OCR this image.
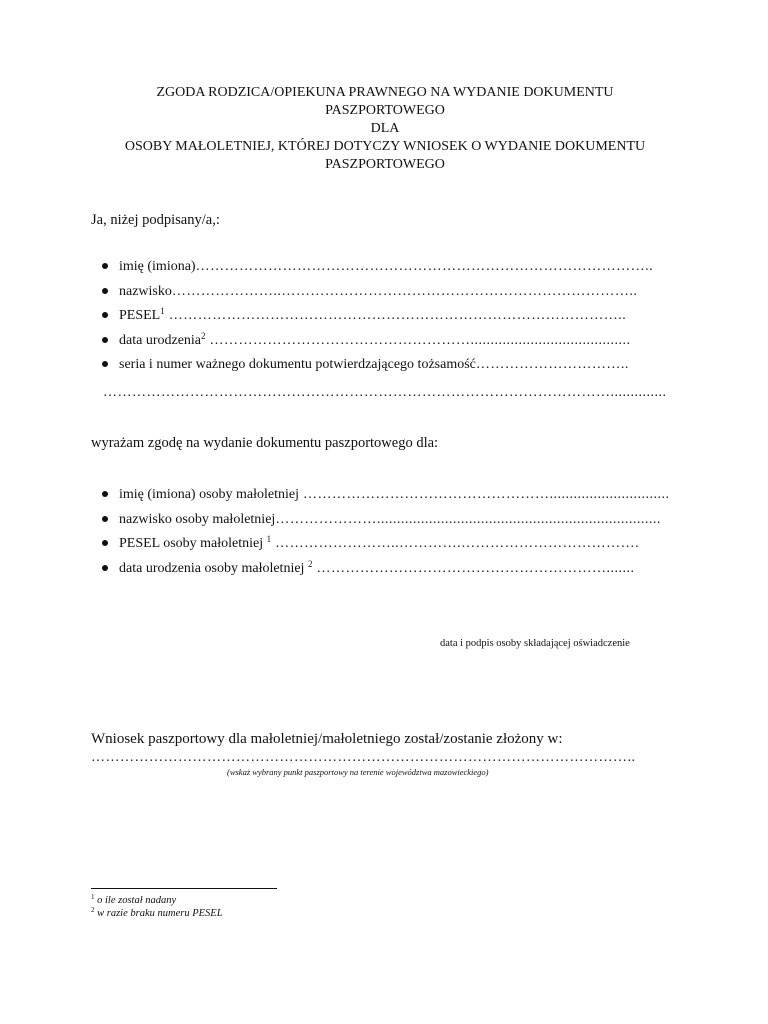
ZGODA RODZICA/OPIEKUNA PRAWNEGO NA WYDANIE DOKUMENTU
PASZPORTOWEGO
DLA
OSOBY MAŁOLETNIEJ, KTÓREJ DOTYCZY WNIOSEK O WYDANIE DOKUMENTU
PASZPORTOWEGO
Ja, niżej podpisany/a,:
imię (imiona)…………………………………………………………………………………..
nazwisko…………………..………………………………………………………………..
PESEL$^1$ …………………………………………………………………………………..
data urodzenia$^2$ ………………………………………………........................................
seria i numer ważnego dokumentu potwierdzającego tożsamość…………………………..
……………………………………………………………………………………………..............
wyrażam zgodę na wydanie dokumentu paszportowego dla:
imię (imiona) osoby małoletniej ……………………………………………..............................
nazwisko osoby małoletniej………………….......................................................................
PESEL osoby małoletniej $^1$ ……………………..………….……………………………….
data urodzenia osoby małoletniej $^2$ …………………………………………………….......
data i podpis osoby składającej oświadczenie
Wniosek paszportowy dla małoletniej/małoletniego został/zostanie złożony w:
…………………………………………………………………………………………………..
(wskaż wybrany punkt paszportowy na terenie województwa mazowieckiego)
$^1$ o ile został nadany
$^2$ w razie braku numeru PESEL
